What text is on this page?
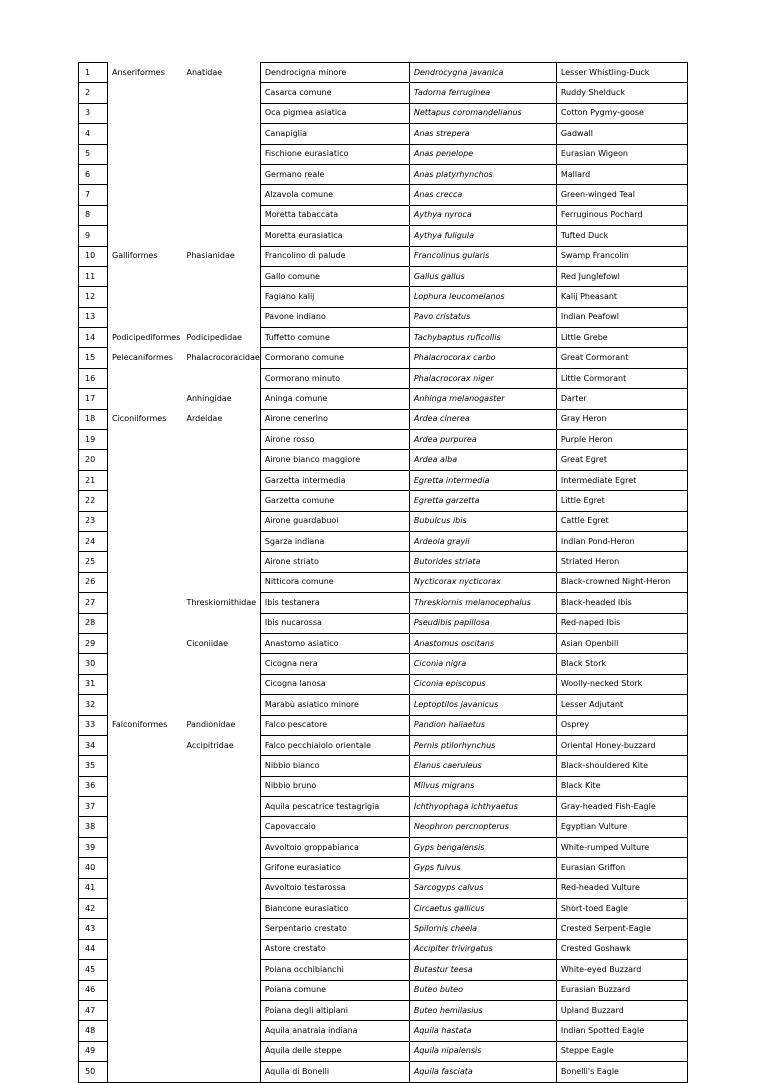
1	Anseriformes	Anatidae	Dendrocigna minore	Dendrocygna javanica	Lesser Whistling-Duck
2			Casarca comune	Tadorna ferruginea	Ruddy Shelduck
3			Oca pigmea asiatica	Nettapus coromandelianus	Cotton Pygmy-goose
4			Canapiglia	Anas strepera	Gadwall
5			Fischione eurasiatico	Anas penelope	Eurasian Wigeon
6			Germano reale	Anas platyrhynchos	Mallard
7			Alzavola comune	Anas crecca	Green-winged Teal
8			Moretta tabaccata	Aythya nyroca	Ferruginous Pochard
9			Moretta eurasiatica	Aythya fuligula	Tufted Duck
10	Galliformes	Phasianidae	Francolino di palude	Francolinus gularis	Swamp Francolin
11			Gallo comune	Gallus gallus	Red Junglefowl
12			Fagiano kalij	Lophura leucomelanos	Kalij Pheasant
13			Pavone indiano	Pavo cristatus	Indian Peafowl
14	Podicipediformes	Podicipedidae	Tuffetto comune	Tachybaptus ruficollis	Little Grebe
15	Pelecaniformes	Phalacrocoracidae	Cormorano comune	Phalacrocorax carbo	Great Cormorant
16			Cormorano minuto	Phalacrocorax niger	Little Cormorant
17		Anhingidae	Aninga comune	Anhinga melanogaster	Darter
18	Ciconiiformes	Ardeidae	Airone cenerino	Ardea cinerea	Gray Heron
19			Airone rosso	Ardea purpurea	Purple Heron
20			Airone bianco maggiore	Ardea alba	Great Egret
21			Garzetta intermedia	Egretta intermedia	Intermediate Egret
22			Garzetta comune	Egretta garzetta	Little Egret
23			Airone guardabuoi	Bubulcus ibis	Cattle Egret
24			Sgarza indiana	Ardeola grayii	Indian Pond-Heron
25			Airone striato	Butorides striata	Striated Heron
26			Nitticora comune	Nycticorax nycticorax	Black-crowned Night-Heron
27		Threskiornithidae	Ibis testanera	Threskiornis melanocephalus	Black-headed Ibis
28			Ibis nucarossa	Pseudibis papillosa	Red-naped Ibis
29		Ciconiidae	Anastomo asiatico	Anastomus oscitans	Asian Openbill
30			Cicogna nera	Ciconia nigra	Black Stork
31			Cicogna lanosa	Ciconia episcopus	Woolly-necked Stork
32			Marabù asiatico minore	Leptoptilos javanicus	Lesser Adjutant
33	Falconiformes	Pandionidae	Falco pescatore	Pandion haliaetus	Osprey
34		Accipitridae	Falco pecchiaiolo orientale	Pernis ptilorhynchus	Oriental Honey-buzzard
35			Nibbio bianco	Elanus caeruleus	Black-shouldered Kite
36			Nibbio bruno	Milvus migrans	Black Kite
37			Aquila pescatrice testagrigia	Ichthyophaga ichthyaetus	Gray-headed Fish-Eagle
38			Capovaccaio	Neophron percnopterus	Egyptian Vulture
39			Avvoltoio groppabianca	Gyps bengalensis	White-rumped Vulture
40			Grifone eurasiatico	Gyps fulvus	Eurasian Griffon
41			Avvoltoio testarossa	Sarcogyps calvus	Red-headed Vulture
42			Biancone eurasiatico	Circaetus gallicus	Short-toed Eagle
43			Serpentario crestato	Spilornis cheela	Crested Serpent-Eagle
44			Astore crestato	Accipiter trivirgatus	Crested Goshawk
45			Poiana occhibianchi	Butastur teesa	White-eyed Buzzard
46			Poiana comune	Buteo buteo	Eurasian Buzzard
47			Poiana degli altipiani	Buteo hemilasius	Upland Buzzard
48			Aquila anatraia indiana	Aquila hastata	Indian Spotted Eagle
49			Aquila delle steppe	Aquila nipalensis	Steppe Eagle
50			Aquila di Bonelli	Aquila fasciata	Bonelli's Eagle
